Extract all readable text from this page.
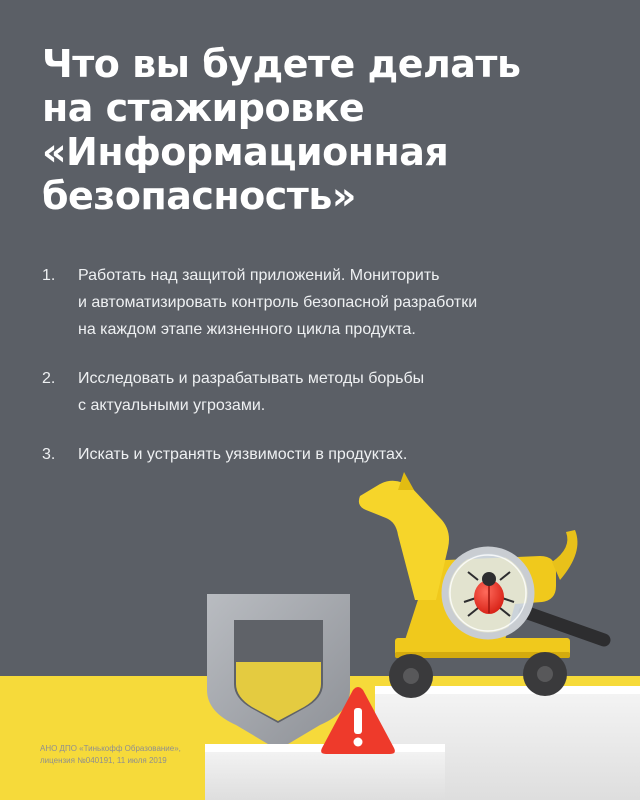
Что вы будете делать
на стажировке
«Информационная
безопасность»
1.	Работать над защитой приложений. Мониторить
и автоматизировать контроль безопасной разработки
на каждом этапе жизненного цикла продукта.
2.	Исследовать и разрабатывать методы борьбы
с актуальными угрозами.
3.	Искать и устранять уязвимости в продуктах.
АНО ДПО «Тинькофф Образование»,
лицензия №040191, 11 июля 2019
